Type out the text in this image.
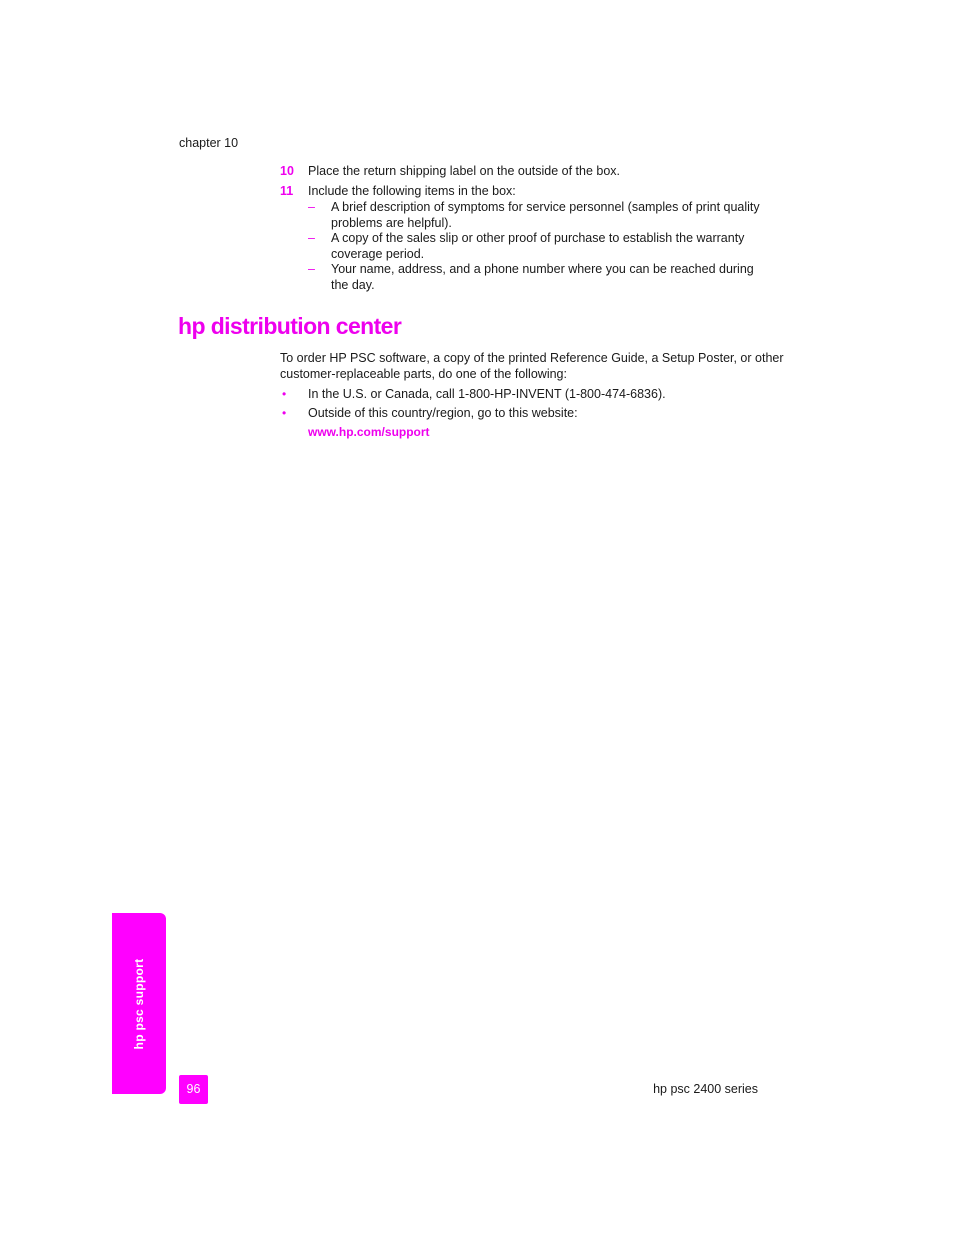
chapter 10
10 Place the return shipping label on the outside of the box.
11 Include the following items in the box:
– A brief description of symptoms for service personnel (samples of print quality
problems are helpful).
– A copy of the sales slip or other proof of purchase to establish the warranty
coverage period.
– Your name, address, and a phone number where you can be reached during
the day.
hp distribution center
To order HP PSC software, a copy of the printed Reference Guide, a Setup Poster, or other
customer-replaceable parts, do one of the following:
• In the U.S. or Canada, call 1-800-HP-INVENT (1-800-474-6836).
• Outside of this country/region, go to this website:
www.hp.com/support
hp psc support
96	hp psc 2400 series
